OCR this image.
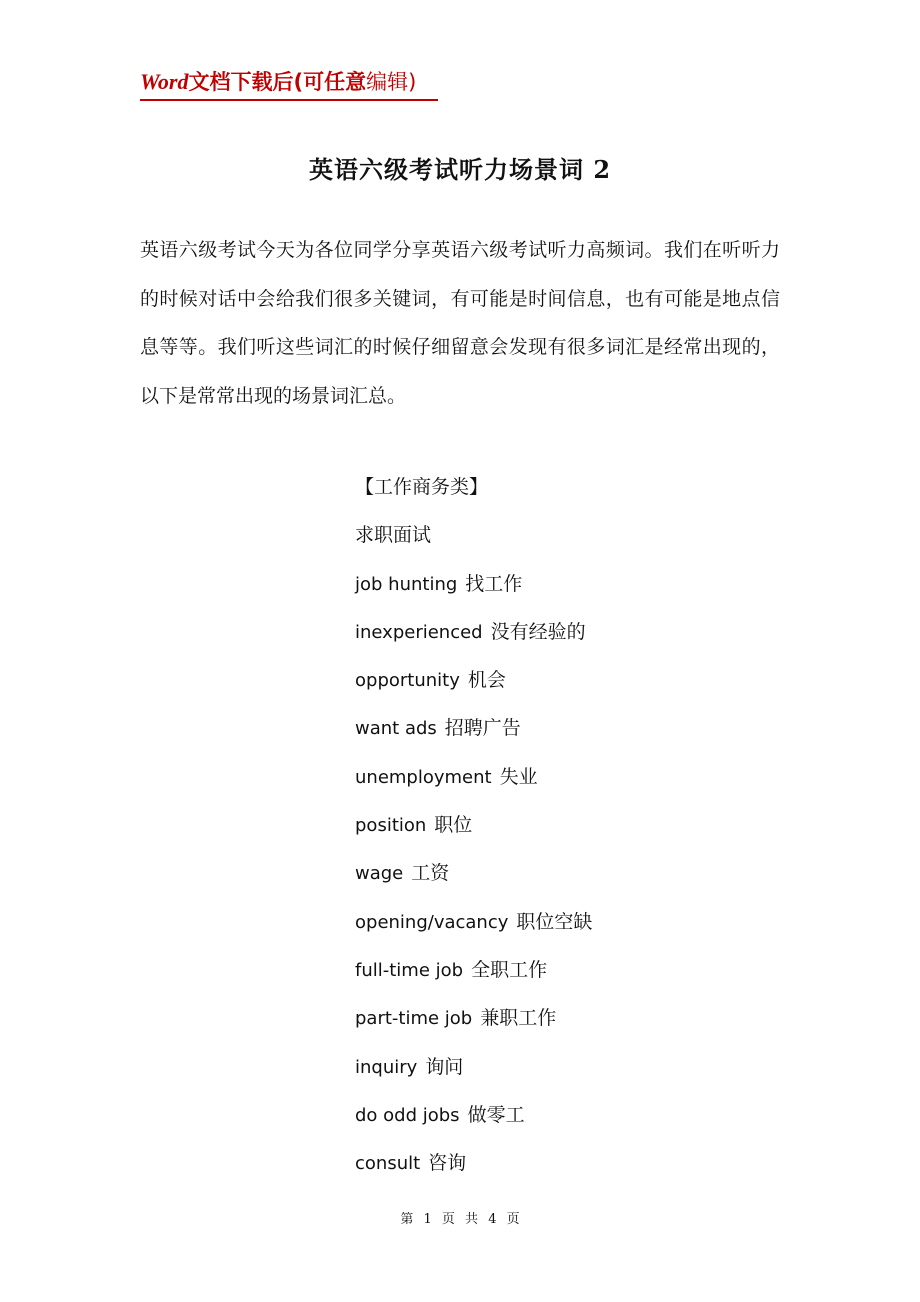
Word文档下载后(可任意编辑)
英语六级考试听力场景词 2
英语六级考试今天为各位同学分享英语六级考试听力高频词。我们在听听力的时候对话中会给我们很多关键词，有可能是时间信息，也有可能是地点信息等等。我们听这些词汇的时候仔细留意会发现有很多词汇是经常出现的，以下是常常出现的场景词汇总。
【工作商务类】
求职面试
job hunting 找工作
inexperienced 没有经验的
opportunity 机会
want ads 招聘广告
unemployment 失业
position 职位
wage 工资
opening/vacancy 职位空缺
full-time job 全职工作
part-time job 兼职工作
inquiry 询问
do odd jobs 做零工
consult 咨询
第 1 页 共 4 页
